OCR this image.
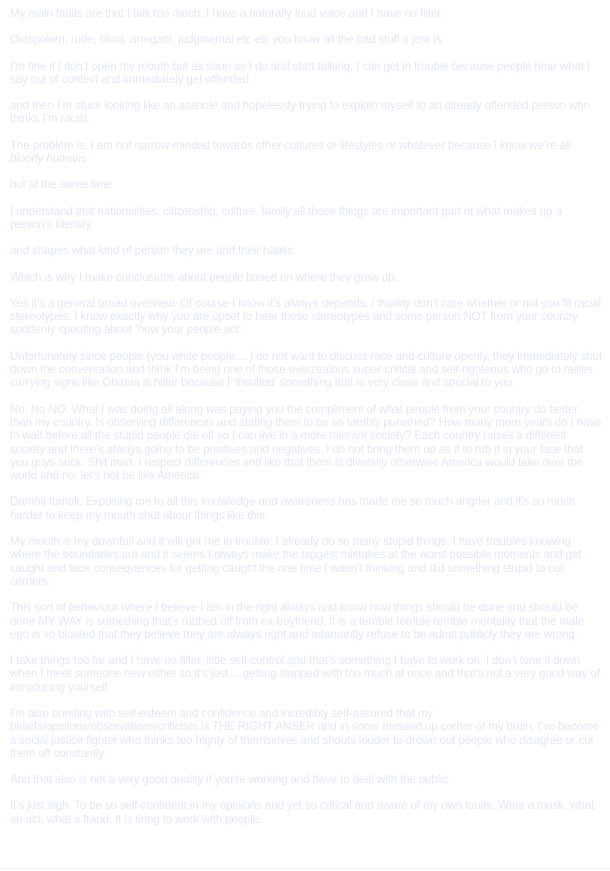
My main faults are that I talk too much, I have a naturally loud voice and I have no filter.

Outspoken, rude, blunt, arrogant, judgmental etc etc you know all the bad stuff a jerk is

I’m fine if I don’t open my mouth but as soon as I do and start talking, I can get in trouble because people hear what I say out of context and immediately get offended

and then I’m stuck looking like an asshole and hopelessly trying to explain myself to an already offended person who thinks I’m racist

The problem is: I am not narrow-minded towards other cultures or lifestyles or whatever because I know we’re all bloody humans

but at the same time

I understand that nationalities, citizenship, culture, family all those things are important part of what makes up a person’s identity

and shapes what kind of person they are and their habits.

Which is why I make conclusions about people based on where they grew up.

Yes it’s a general broad overview. Of course I know it’s always depends. I frankly don’t care whether or not you fit racial stereotypes. I know exactly why you are upset to hear these stereotypes and some person NOT from your country suddenly spouting about ‘how your people act’.

Unfortunately since people (you white people….) do not want to discuss race and culture openly, they immediately shut down the conversation and think I’m being one of those overzealous super-critical and self-righteous who go to rallies carrying signs like Obama is hitler because I ‘insulted’ something that is very close and special to you.

No. No NO. What I was doing all along was paying you the compliment of what people from your country do better than my country. Is observing differences and stating them to be so terribly punished? How many more years do I have to wait before all the stupid people die off so I can live in a more tolerant society? Each country raises a different society and there’s always going to be positives and negatives. I do not bring them up as if to rub it in your face that you guys suck. Shit man. I respect differences and like that there is diversity otherwise America would take over the world and no, let’s not be like America.

Damnit tumblr. Exposing me to all this knowledge and awareness has made me so much angrier and it’s so much harder to keep my mouth shut about things like this.

My mouth is my downfall and it will get me in trouble. I already do so many stupid things. I have troubles knowing where the boundaries are and it seems I always make the biggest mistakes at the worst possible moments and get caught and face consequences for getting caught the one time I wasn’t thinking and did something stupid to cut corners.

This sort of behaviour where I believe I am in the right always and know how things should be done and should be done MY WAY is something that’s rubbed off from ex-boyfriend. It is a terrible terrible terrible mentality that the male ego is so bloated that they believe they are always right and adamantly refuse to be admit publicly they are wrong.

I take things too far and I have no filter, little self-control and that’s something I have to work on. I don’t tone it down when I meet someone new either so it’s just….getting slapped with too much at once and that’s not a very good way of introducing yourself.

I’m also bursting with self-esteem and confidence and incredibly self-assured that my beliefs/opinions/observations/criticism is THE RIGHT ANSER and in some messed up corner of my brain, I’ve become a social justice fighter who thinks too highly of themselves and shouts louder to drown out people who disagree or cut them off constantly.

And that also is not a very good quality if you’re working and have to deal with the public.

It’s just sigh. To be so self-confident in my opinions and yet so critical and aware of my own faults. What a mask, what an act, what a fraud. It is tiring to work with people.
